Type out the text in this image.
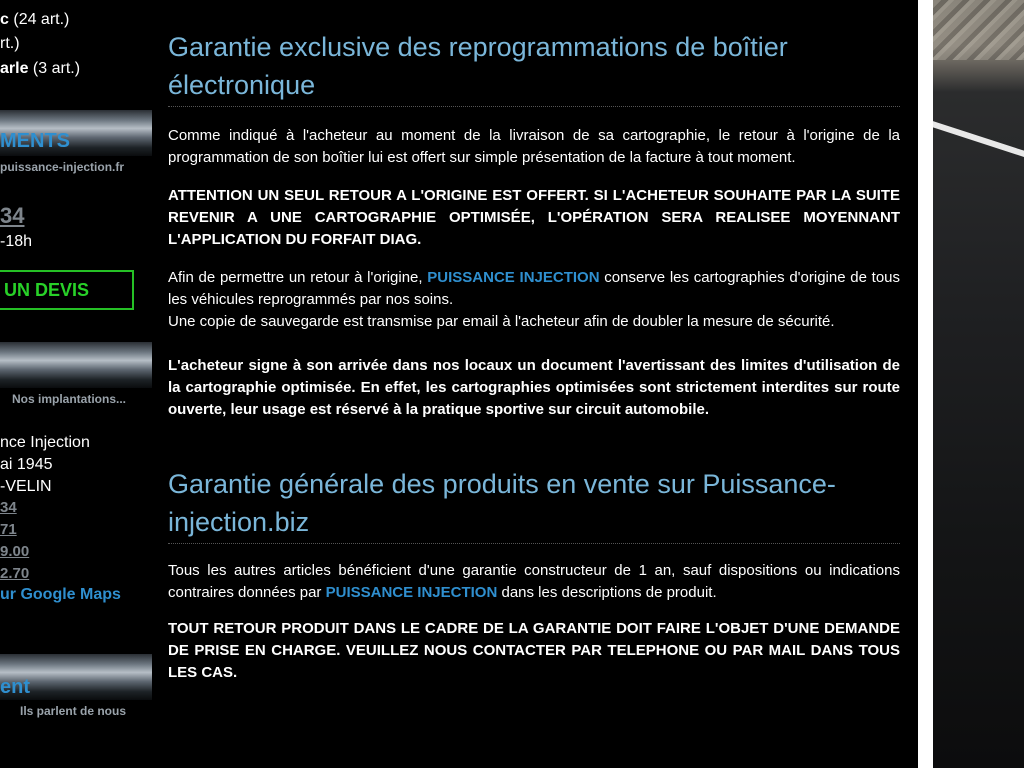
c (24 art.)
rt.)
arle (3 art.)
MENTS
puissance-injection.fr
34
-18h
UN DEVIS
Nos implantations...
nce Injection
ai 1945
-VELIN
34
71
9.00
2.70
ur Google Maps
ent
Ils parlent de nous
Garantie exclusive des reprogrammations de boîtier électronique

Comme indiqué à l'acheteur au moment de la livraison de sa cartographie, le retour à l'origine de la programmation de son boîtier lui est offert sur simple présentation de la facture à tout moment.

ATTENTION UN SEUL RETOUR A L'ORIGINE EST OFFERT. SI L'ACHETEUR SOUHAITE PAR LA SUITE REVENIR A UNE CARTOGRAPHIE OPTIMISÉE, L'OPÉRATION SERA REALISEE MOYENNANT L'APPLICATION DU FORFAIT DIAG.

Afin de permettre un retour à l'origine, PUISSANCE INJECTION conserve les cartographies d'origine de tous les véhicules reprogrammés par nos soins.
Une copie de sauvegarde est transmise par email à l'acheteur afin de doubler la mesure de sécurité.

L'acheteur signe à son arrivée dans nos locaux un document l'avertissant des limites d'utilisation de la cartographie optimisée. En effet, les cartographies optimisées sont strictement interdites sur route ouverte, leur usage est réservé à la pratique sportive sur circuit automobile.

Garantie générale des produits en vente sur Puissance-injection.biz

Tous les autres articles bénéficient d'une garantie constructeur de 1 an, sauf dispositions ou indications contraires données par PUISSANCE INJECTION dans les descriptions de produit.

TOUT RETOUR PRODUIT DANS LE CADRE DE LA GARANTIE DOIT FAIRE L'OBJET D'UNE DEMANDE DE PRISE EN CHARGE. VEUILLEZ NOUS CONTACTER PAR TELEPHONE OU PAR MAIL DANS TOUS LES CAS.
